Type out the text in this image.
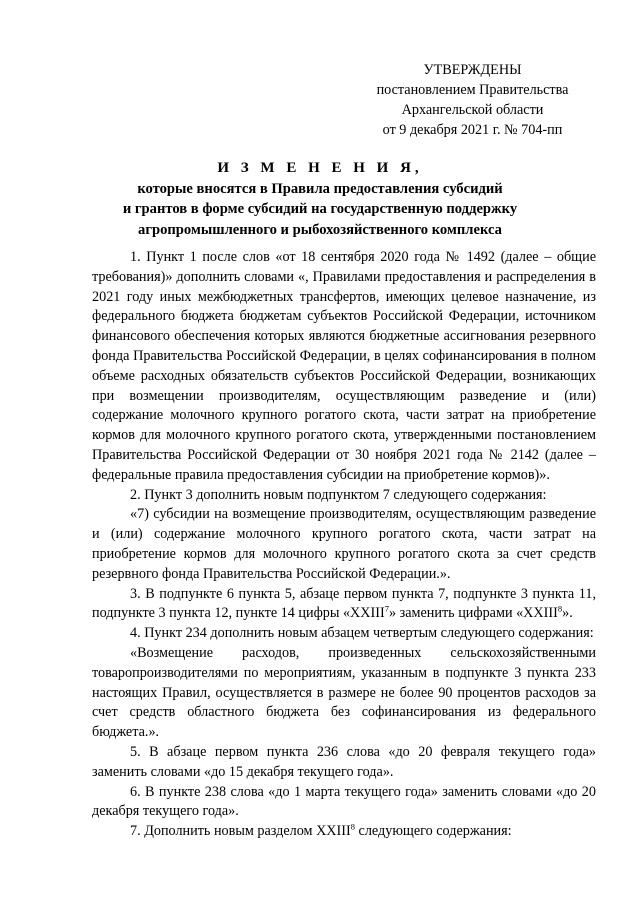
УТВЕРЖДЕНЫ
постановлением Правительства
Архангельской области
от 9 декабря 2021 г. № 704-пп
И З М Е Н Е Н И Я,
которые вносятся в Правила предоставления субсидий
и грантов в форме субсидий на государственную поддержку
агропромышленного и рыбохозяйственного комплекса

1. Пункт 1 после слов «от 18 сентября 2020 года № 1492 (далее – общие требования)» дополнить словами «, Правилами предоставления и распределения в 2021 году иных межбюджетных трансфертов, имеющих целевое назначение, из федерального бюджета бюджетам субъектов Российской Федерации, источником финансового обеспечения которых являются бюджетные ассигнования резервного фонда Правительства Российской Федерации, в целях софинансирования в полном объеме расходных обязательств субъектов Российской Федерации, возникающих при возмещении производителям, осуществляющим разведение и (или) содержание молочного крупного рогатого скота, части затрат на приобретение кормов для молочного крупного рогатого скота, утвержденными постановлением Правительства Российской Федерации от 30 ноября 2021 года № 2142 (далее – федеральные правила предоставления субсидии на приобретение кормов)».

2. Пункт 3 дополнить новым подпунктом 7 следующего содержания:

«7) субсидии на возмещение производителям, осуществляющим разведение и (или) содержание молочного крупного рогатого скота, части затрат на приобретение кормов для молочного крупного рогатого скота за счет средств резервного фонда Правительства Российской Федерации.».

3. В подпункте 6 пункта 5, абзаце первом пункта 7, подпункте 3 пункта 11, подпункте 3 пункта 12, пункте 14 цифры «XXIII$^7$» заменить цифрами «XXIII$^8$».

4. Пункт 234 дополнить новым абзацем четвертым следующего содержания:

«Возмещение расходов, произведенных сельскохозяйственными товаропроизводителями по мероприятиям, указанным в подпункте 3 пункта 233 настоящих Правил, осуществляется в размере не более 90 процентов расходов за счет средств областного бюджета без софинансирования из федерального бюджета.».

5. В абзаце первом пункта 236 слова «до 20 февраля текущего года» заменить словами «до 15 декабря текущего года».

6. В пункте 238 слова «до 1 марта текущего года» заменить словами «до 20 декабря текущего года».

7. Дополнить новым разделом XXIII$^8$ следующего содержания:
